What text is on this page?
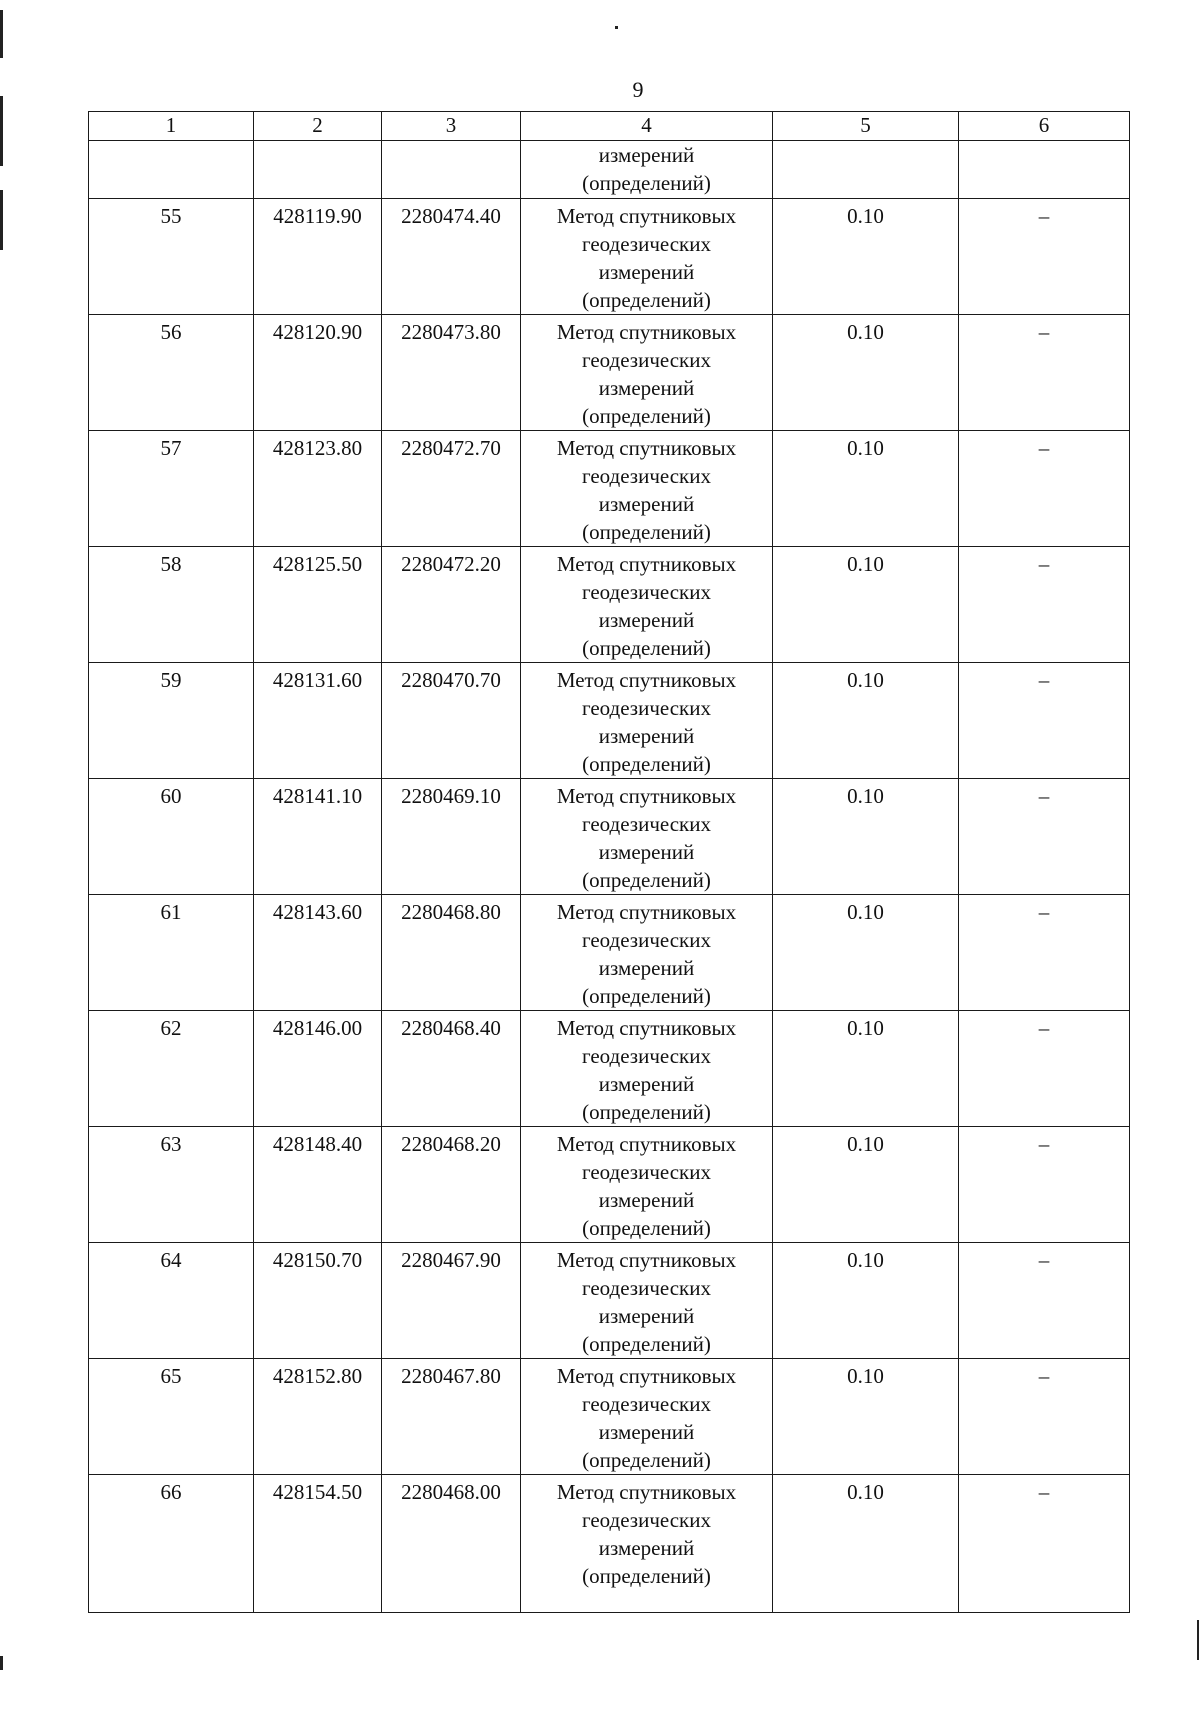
9
1	2	3	4	5	6

			измерений
(определений)		

55	428119.90	2280474.40	Метод спутниковых
геодезических
измерений
(определений)	0.10	–
56	428120.90	2280473.80	Метод спутниковых
геодезических
измерений
(определений)	0.10	–
57	428123.80	2280472.70	Метод спутниковых
геодезических
измерений
(определений)	0.10	–
58	428125.50	2280472.20	Метод спутниковых
геодезических
измерений
(определений)	0.10	–
59	428131.60	2280470.70	Метод спутниковых
геодезических
измерений
(определений)	0.10	–
60	428141.10	2280469.10	Метод спутниковых
геодезических
измерений
(определений)	0.10	–
61	428143.60	2280468.80	Метод спутниковых
геодезических
измерений
(определений)	0.10	–
62	428146.00	2280468.40	Метод спутниковых
геодезических
измерений
(определений)	0.10	–
63	428148.40	2280468.20	Метод спутниковых
геодезических
измерений
(определений)	0.10	–
64	428150.70	2280467.90	Метод спутниковых
геодезических
измерений
(определений)	0.10	–
65	428152.80	2280467.80	Метод спутниковых
геодезических
измерений
(определений)	0.10	–
66	428154.50	2280468.00	Метод спутниковых
геодезических
измерений
(определений)	0.10	–
